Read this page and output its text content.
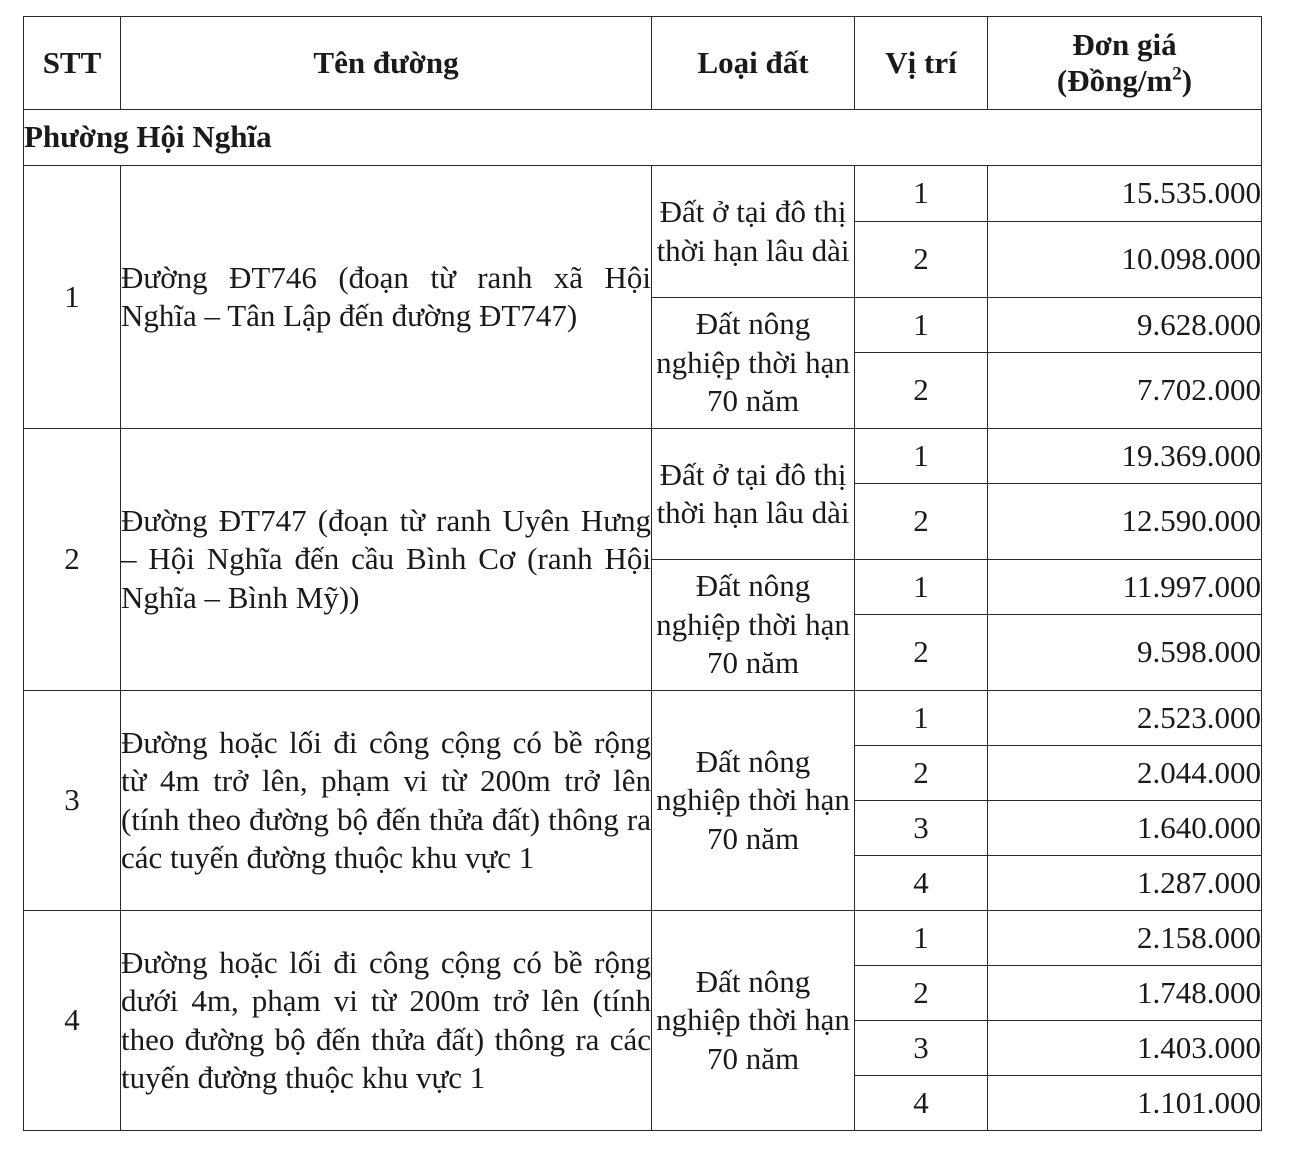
STT	Tên đường	Loại đất	Vị trí	Đơn giá
$(Đồng/m^2)$
Phường Hội Nghĩa				
1	Đường ĐT746 (đoạn từ ranh xã Hội Nghĩa – Tân Lập đến đường ĐT747)	Đất ở tại đô thị thời hạn lâu dài	1	15.535.000
			2	10.098.000
		Đất nông nghiệp thời hạn 70 năm	1	9.628.000
			2	7.702.000
2	Đường ĐT747 (đoạn từ ranh Uyên Hưng – Hội Nghĩa đến cầu Bình Cơ (ranh Hội Nghĩa – Bình Mỹ))	Đất ở tại đô thị thời hạn lâu dài	1	19.369.000
			2	12.590.000
		Đất nông nghiệp thời hạn 70 năm	1	11.997.000
			2	9.598.000
3	Đường hoặc lối đi công cộng có bề rộng từ 4m trở lên, phạm vi từ 200m trở lên (tính theo đường bộ đến thửa đất) thông ra các tuyến đường thuộc khu vực 1	Đất nông nghiệp thời hạn 70 năm	1	2.523.000
			2	2.044.000
			3	1.640.000
			4	1.287.000
4	Đường hoặc lối đi công cộng có bề rộng dưới 4m, phạm vi từ 200m trở lên (tính theo đường bộ đến thửa đất) thông ra các tuyến đường thuộc khu vực 1	Đất nông nghiệp thời hạn 70 năm	1	2.158.000
			2	1.748.000
			3	1.403.000
			4	1.101.000
